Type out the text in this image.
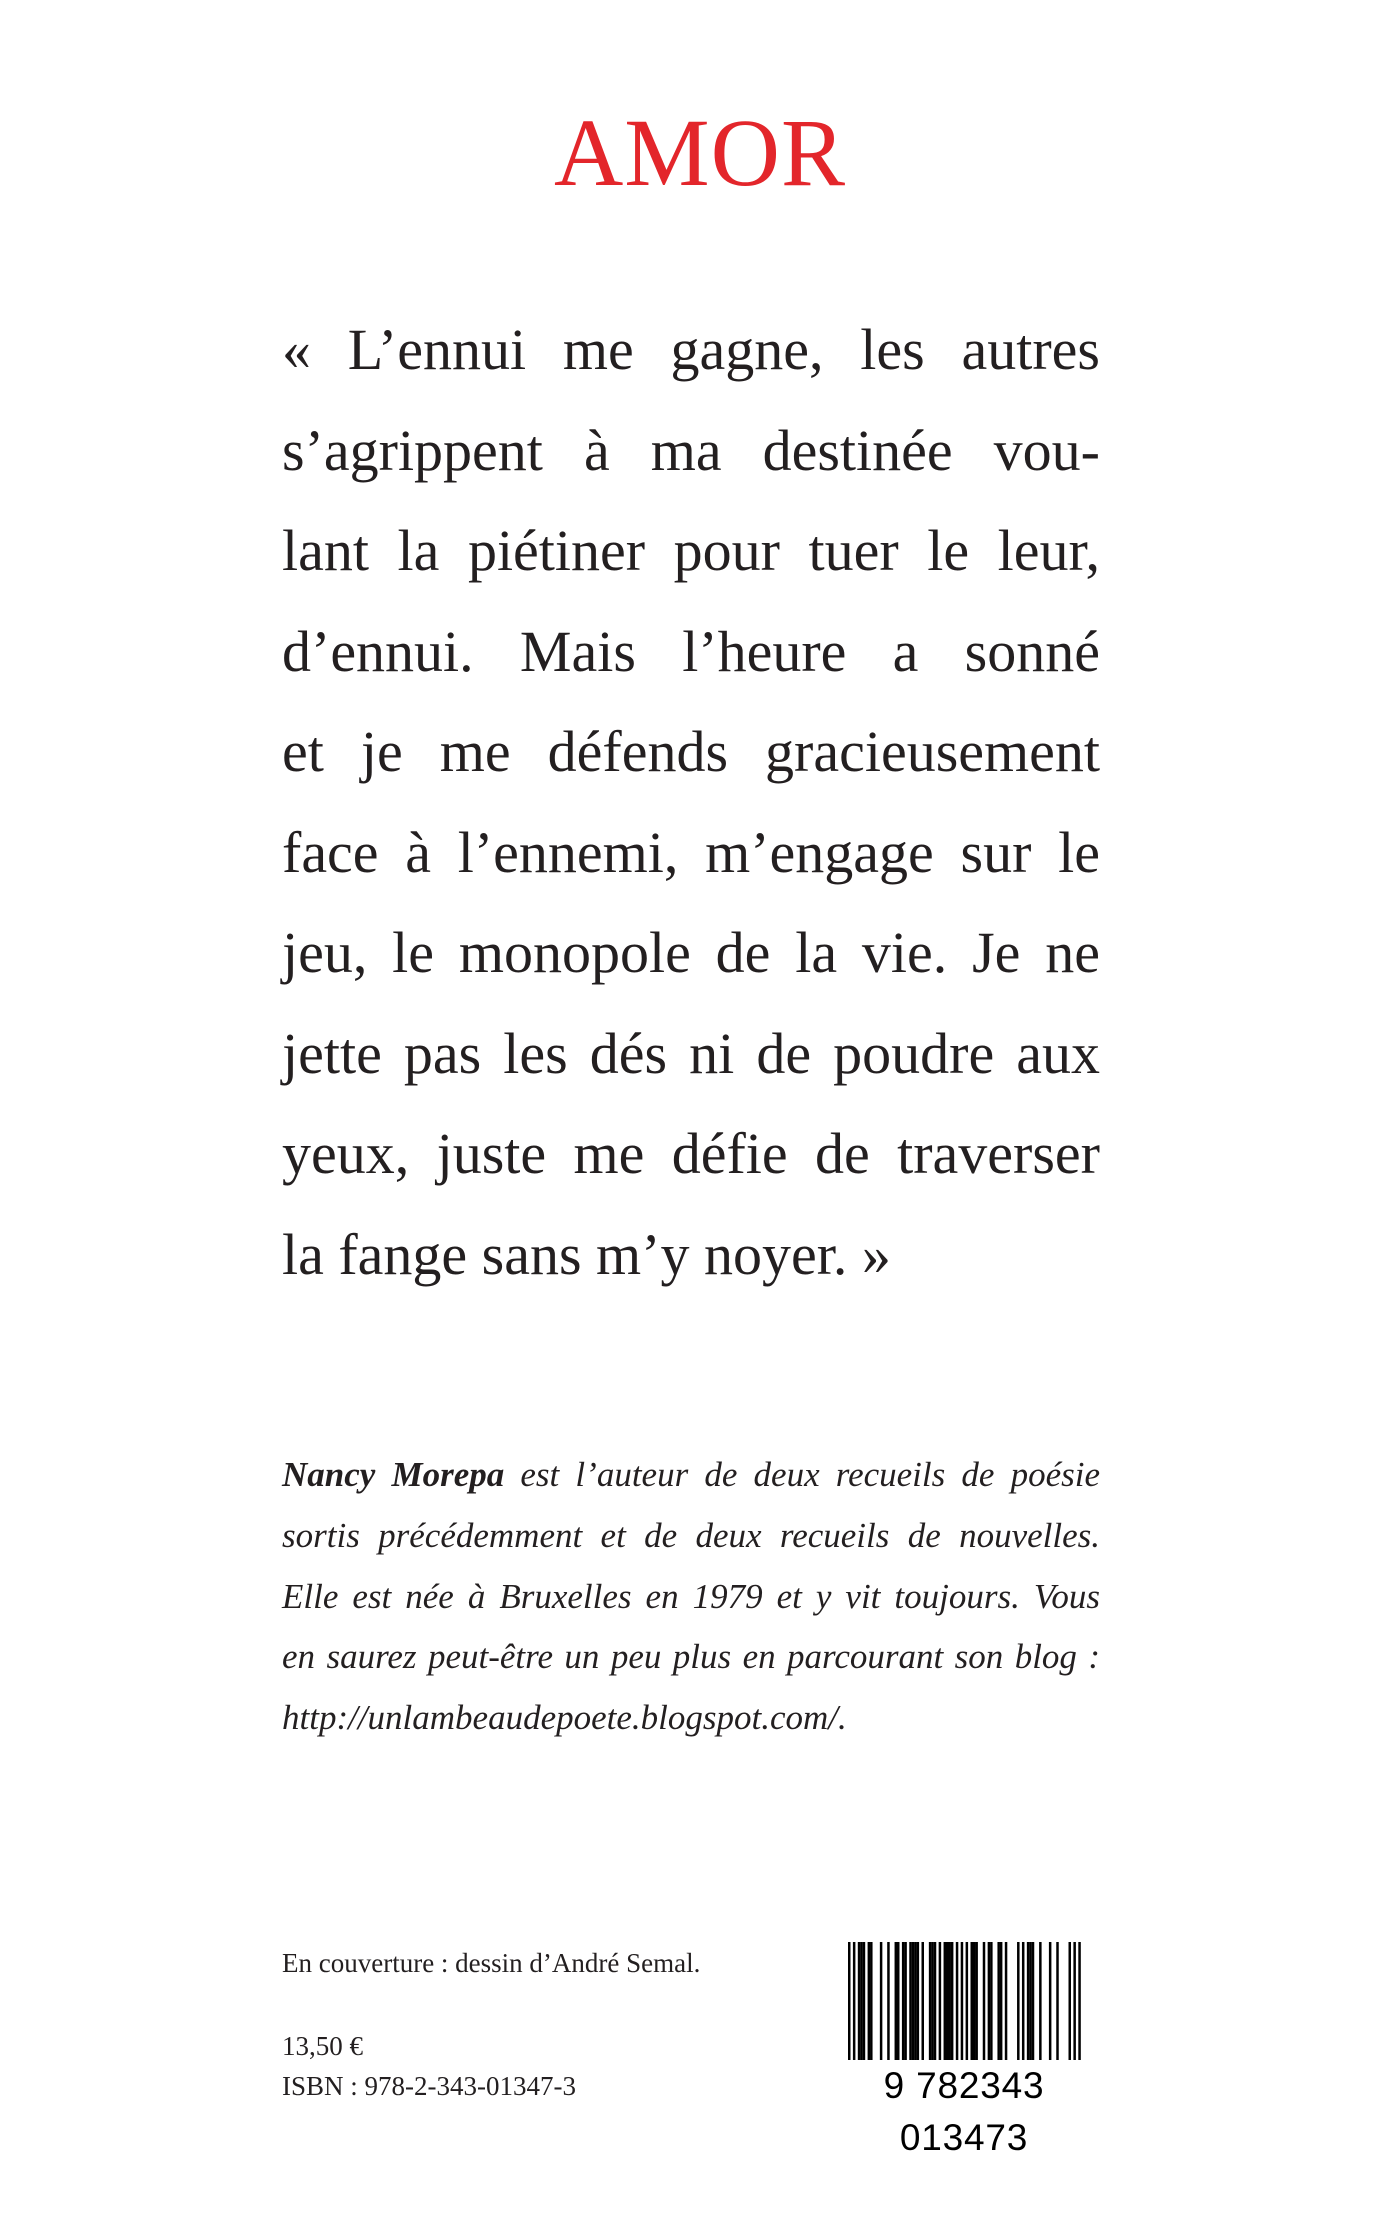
AMOR
« L’ennui me gagne, les autres
s’agrippent à ma destinée vou-
lant la piétiner pour tuer le leur,
d’ennui. Mais l’heure a sonné
et je me défends gracieusement
face à l’ennemi, m’engage sur le
jeu, le monopole de la vie. Je ne
jette pas les dés ni de poudre aux
yeux, juste me défie de traverser
la fange sans m’y noyer. »
Nancy Morepa est l’auteur de deux recueils de poésie
sortis précédemment et de deux recueils de nouvelles.
Elle est née à Bruxelles en 1979 et y vit toujours. Vous
en saurez peut-être un peu plus en parcourant son blog :
http://unlambeaudepoete.blogspot.com/.
En couverture : dessin d’André Semal.
13,50 €
ISBN : 978-2-343-01347-3	9 782343 013473
